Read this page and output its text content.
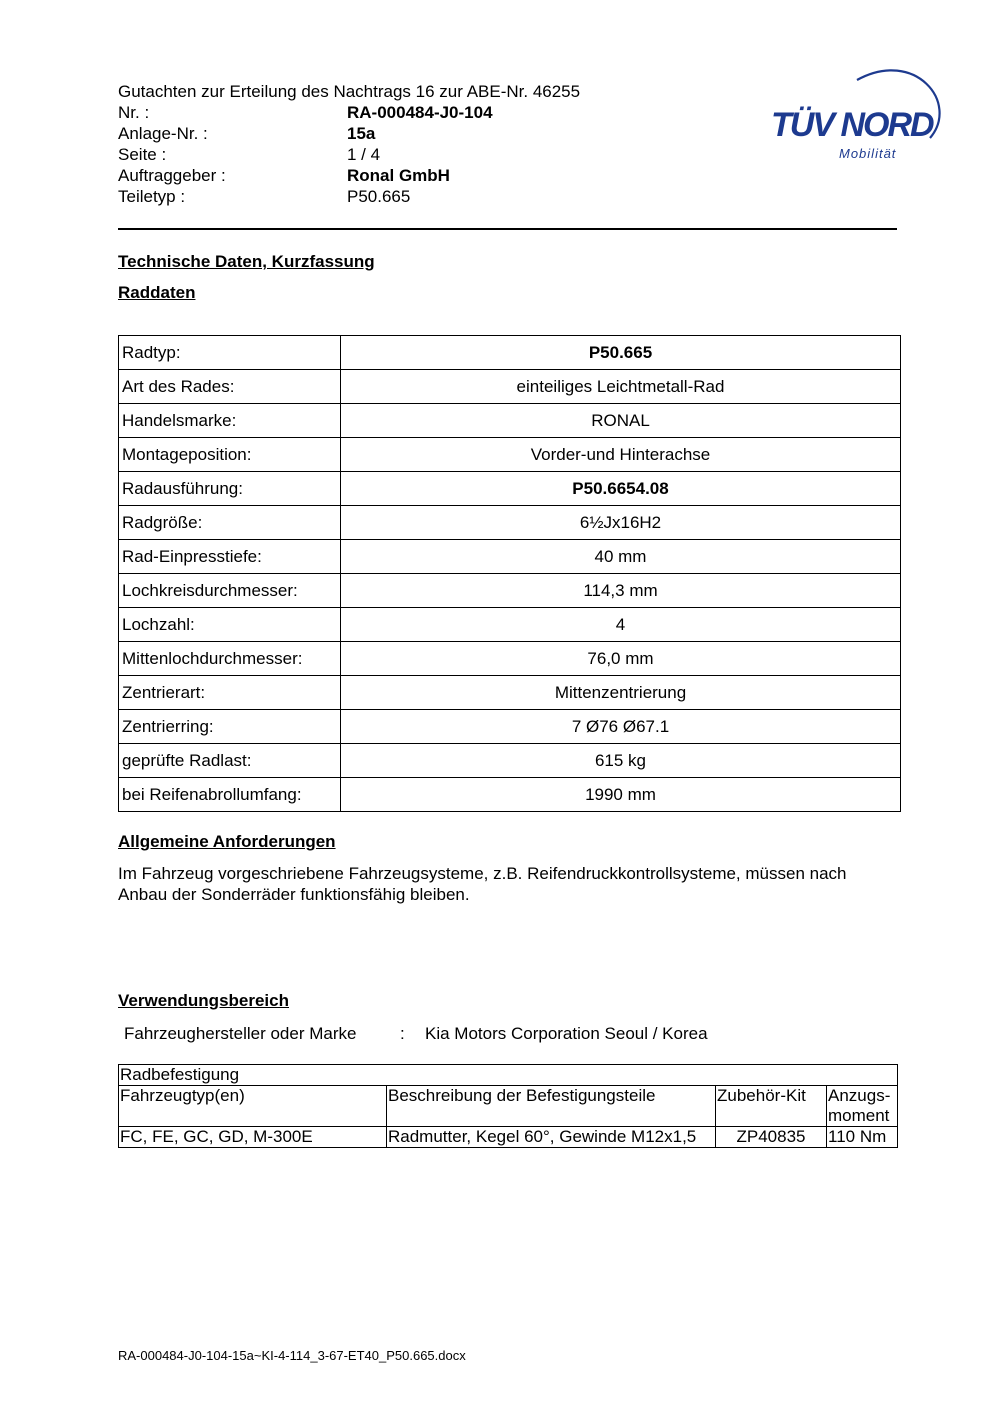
Gutachten zur Erteilung des Nachtrags 16 zur ABE-Nr. 46255
Nr. :	RA-000484-J0-104
Anlage-Nr. :	15a
Seite :	1 / 4
Auftraggeber :	Ronal GmbH
Teiletyp :	P50.665
TÜV NORD
Mobilität
Technische Daten, Kurzfassung
Raddaten
Radtyp:	P50.665
Art des Rades:	einteiliges Leichtmetall-Rad
Handelsmarke:	RONAL
Montageposition:	Vorder-und Hinterachse
Radausführung:	P50.6654.08
Radgröße:	6½Jx16H2
Rad-Einpresstiefe:	40 mm
Lochkreisdurchmesser:	114,3 mm
Lochzahl:	4
Mittenlochdurchmesser:	76,0 mm
Zentrierart:	Mittenzentrierung
Zentrierring:	7 Ø76 Ø67.1
geprüfte Radlast:	615 kg
bei Reifenabrollumfang:	1990 mm
Allgemeine Anforderungen
Im Fahrzeug vorgeschriebene Fahrzeugsysteme, z.B. Reifendruckkontrollsysteme, müssen nach Anbau der Sonderräder funktionsfähig bleiben.
Verwendungsbereich
Fahrzeughersteller oder Marke	: Kia Motors Corporation Seoul / Korea
Radbefestigung			
Fahrzeugtyp(en)	Beschreibung der Befestigungsteile	Zubehör-Kit	Anzugs-moment
FC, FE, GC, GD, M-300E	Radmutter, Kegel 60°, Gewinde M12x1,5	ZP40835	110 Nm
RA-000484-J0-104-15a~KI-4-114_3-67-ET40_P50.665.docx
